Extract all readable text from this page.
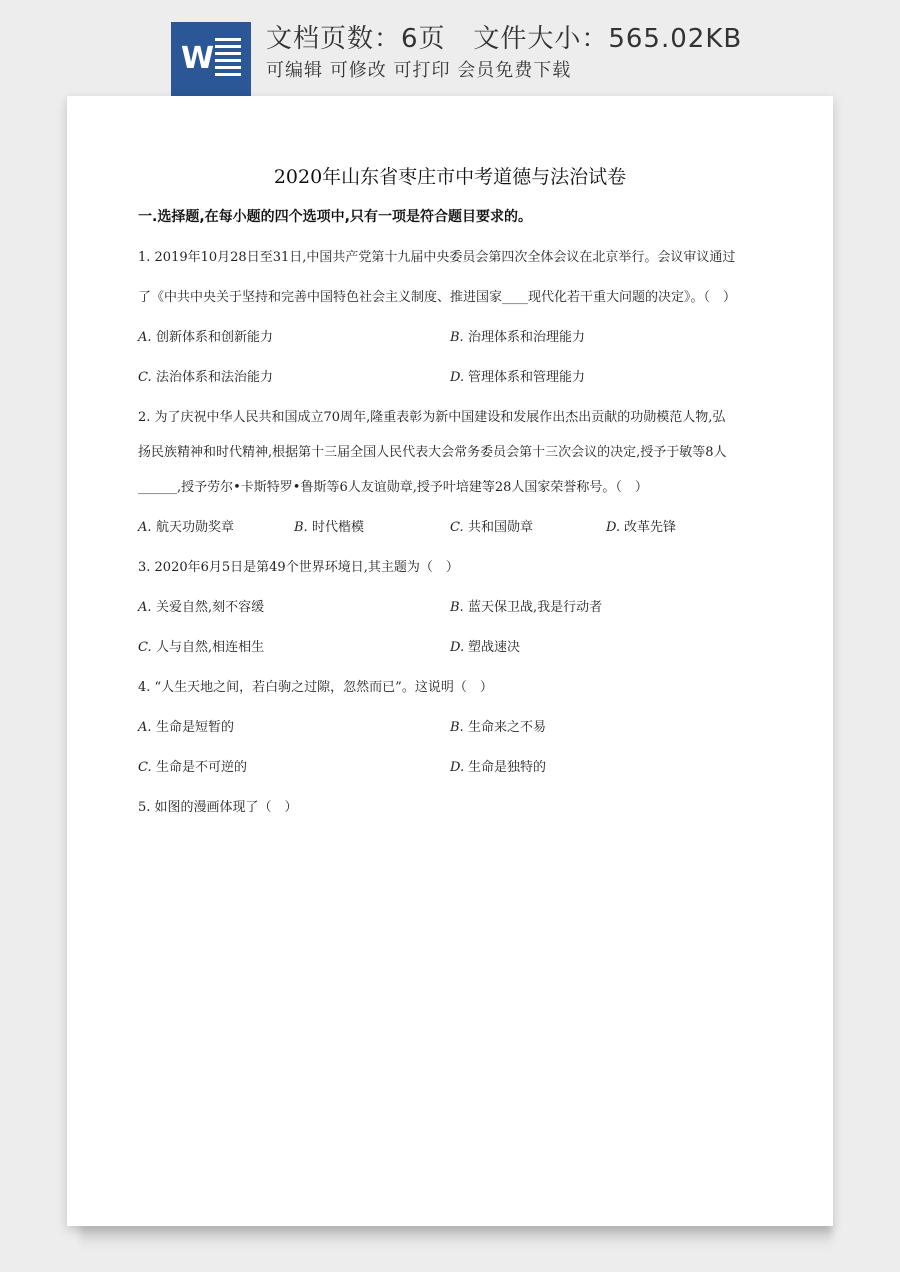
W
文档页数：6页 文件大小：565.02KB
可编辑 可修改 可打印 会员免费下载
2020年山东省枣庄市中考道德与法治试卷
一.选择题,在每小题的四个选项中,只有一项是符合题目要求的。
1. 2019年10月28日至31日,中国共产党第十九届中央委员会第四次全体会议在北京举行。会议审议通过
了《中共中央关于坚持和完善中国特色社会主义制度、推进国家____现代化若干重大问题的决定》。（　）
A. 创新体系和创新能力	B. 治理体系和治理能力
C. 法治体系和法治能力	D. 管理体系和管理能力
2. 为了庆祝中华人民共和国成立70周年,隆重表彰为新中国建设和发展作出杰出贡献的功勋模范人物,弘
扬民族精神和时代精神,根据第十三届全国人民代表大会常务委员会第十三次会议的决定,授予于敏等8人
______,授予劳尔•卡斯特罗•鲁斯等6人友谊勋章,授予叶培建等28人国家荣誉称号。（　）
A. 航天功勋奖章	B. 时代楷模	C. 共和国勋章	D. 改革先锋
3. 2020年6月5日是第49个世界环境日,其主题为（　）
A. 关爱自然,刻不容缓	B. 蓝天保卫战,我是行动者
C. 人与自然,相连相生	D. 塑战速决
4. “人生天地之间，若白驹之过隙，忽然而已”。这说明（　）
A. 生命是短暂的	B. 生命来之不易
C. 生命是不可逆的	D. 生命是独特的
5. 如图的漫画体现了（　）
